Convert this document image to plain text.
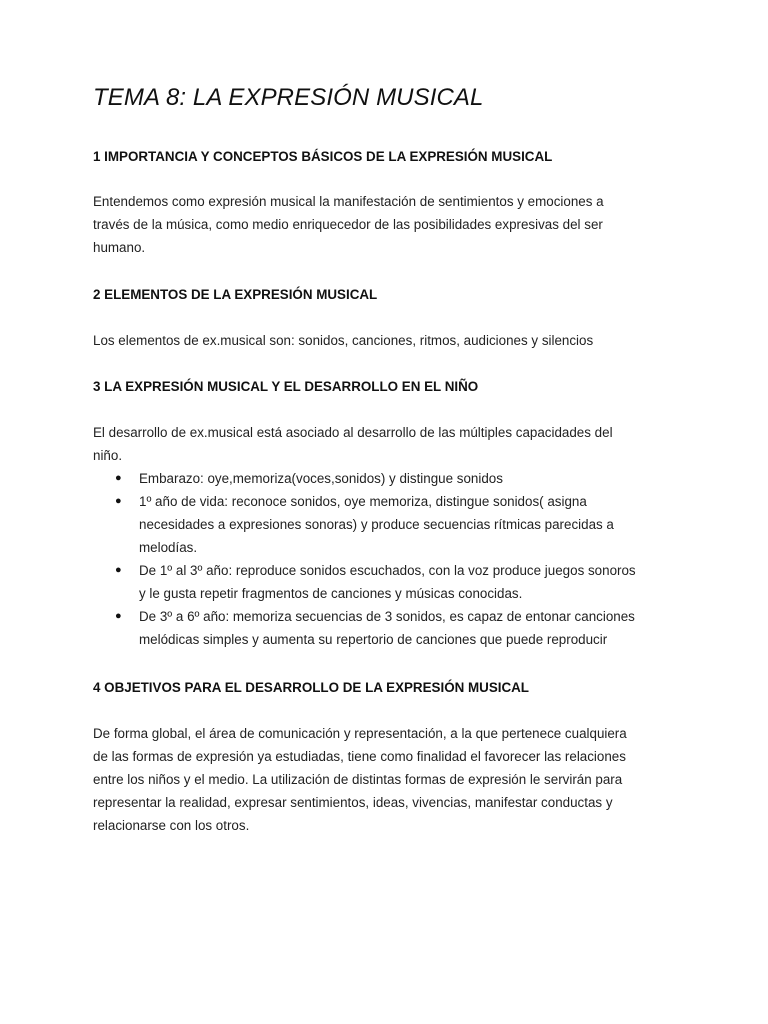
TEMA 8: LA EXPRESIÓN MUSICAL
1 IMPORTANCIA Y CONCEPTOS BÁSICOS DE LA EXPRESIÓN MUSICAL

Entendemos como expresión musical la manifestación de sentimientos y emociones a
través de la música, como medio enriquecedor de las posibilidades expresivas del ser
humano.

2 ELEMENTOS DE LA EXPRESIÓN MUSICAL

Los elementos de ex.musical son: sonidos, canciones, ritmos, audiciones y silencios

3 LA EXPRESIÓN MUSICAL Y EL DESARROLLO EN EL NIÑO

El desarrollo de ex.musical está asociado al desarrollo de las múltiples capacidades del
niño.

● Embarazo: oye,memoriza(voces,sonidos) y distingue sonidos
● 1º año de vida: reconoce sonidos, oye memoriza, distingue sonidos( asigna
necesidades a expresiones sonoras) y produce secuencias rítmicas parecidas a
melodías.
● De 1º al 3º año: reproduce sonidos escuchados, con la voz produce juegos sonoros
y le gusta repetir fragmentos de canciones y músicas conocidas.
● De 3º a 6º año: memoriza secuencias de 3 sonidos, es capaz de entonar canciones
melódicas simples y aumenta su repertorio de canciones que puede reproducir
4 OBJETIVOS PARA EL DESARROLLO DE LA EXPRESIÓN MUSICAL

De forma global, el área de comunicación y representación, a la que pertenece cualquiera
de las formas de expresión ya estudiadas, tiene como finalidad el favorecer las relaciones
entre los niños y el medio. La utilización de distintas formas de expresión le servirán para
representar la realidad, expresar sentimientos, ideas, vivencias, manifestar conductas y
relacionarse con los otros.
